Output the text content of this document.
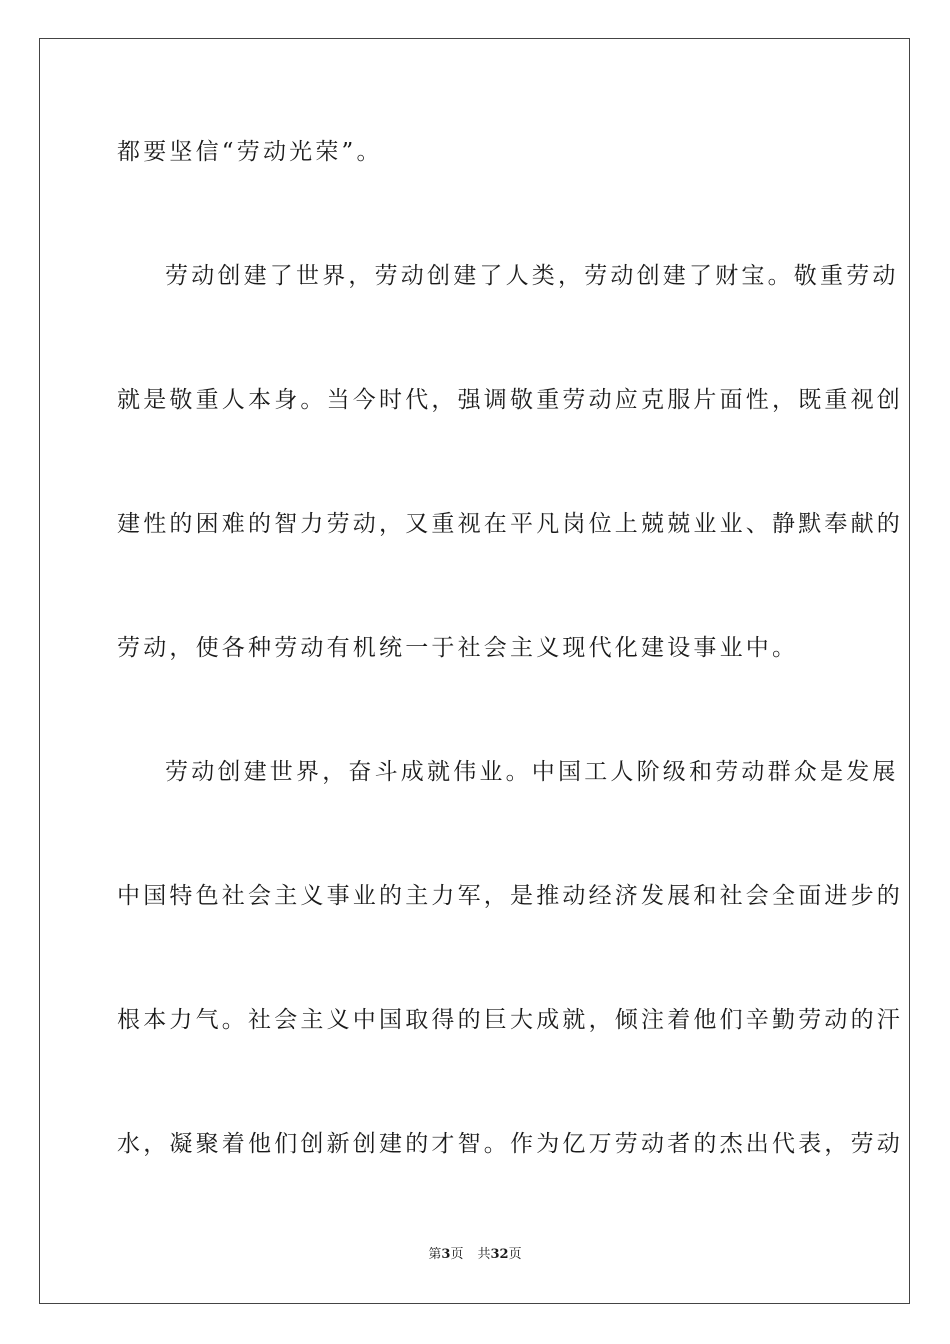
都要坚信“劳动光荣”。
劳动创建了世界，劳动创建了人类，劳动创建了财宝。敬重劳动
就是敬重人本身。当今时代，强调敬重劳动应克服片面性，既重视创
建性的困难的智力劳动，又重视在平凡岗位上兢兢业业、静默奉献的
劳动，使各种劳动有机统一于社会主义现代化建设事业中。
劳动创建世界，奋斗成就伟业。中国工人阶级和劳动群众是发展
中国特色社会主义事业的主力军，是推动经济发展和社会全面进步的
根本力气。社会主义中国取得的巨大成就，倾注着他们辛勤劳动的汗
水，凝聚着他们创新创建的才智。作为亿万劳动者的杰出代表，劳动
第3页 共32页
